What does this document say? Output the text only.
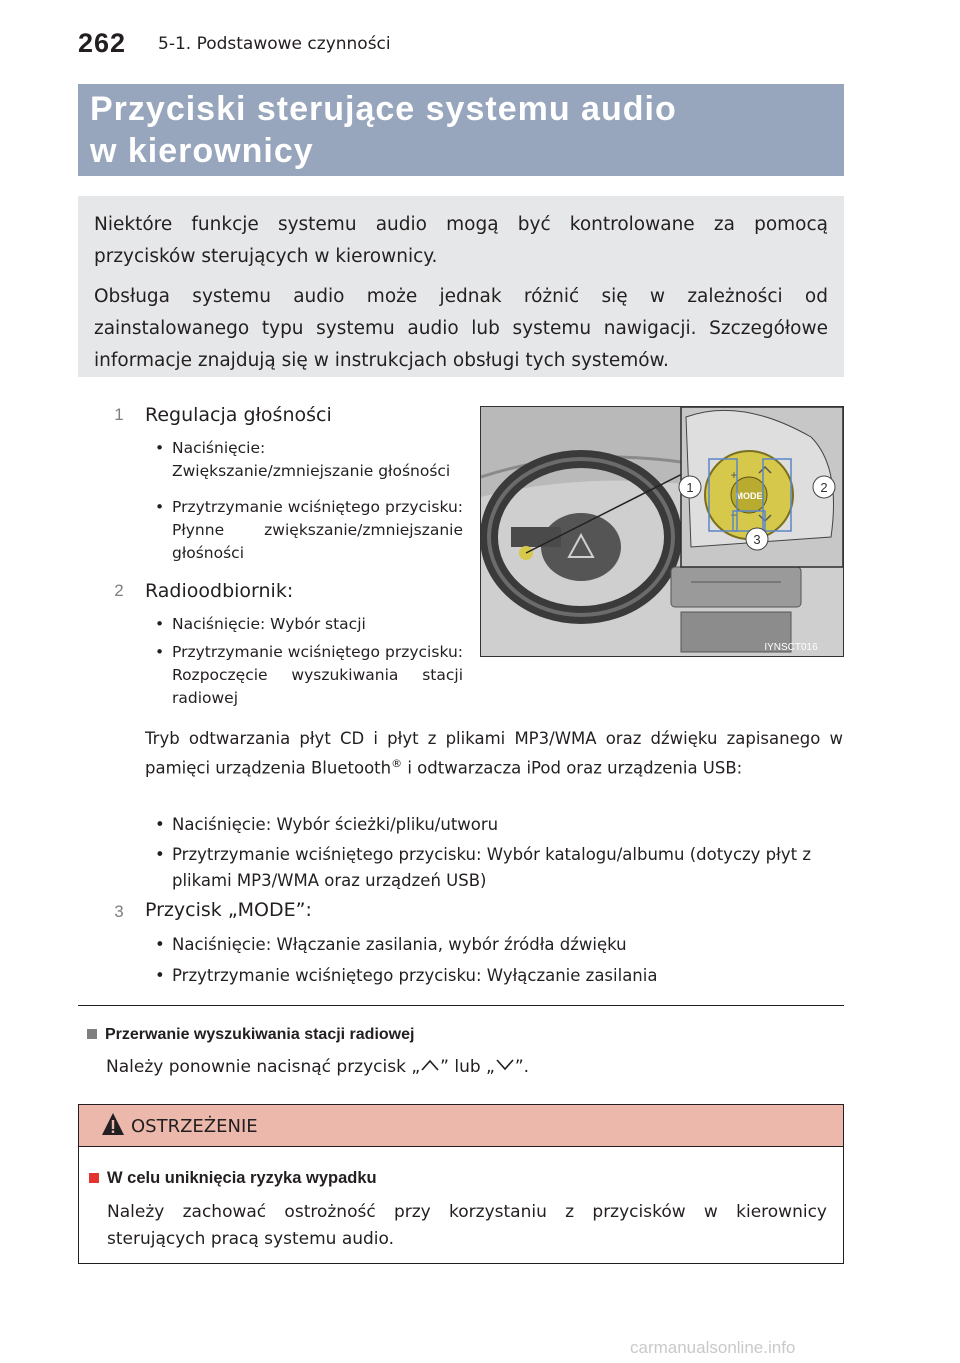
262 5-1. Podstawowe czynności
Przyciski sterujące systemu audio
w kierownicy

Niektóre funkcje systemu audio mogą być kontrolowane za pomocą przycisków sterujących w kierownicy.

Obsługa systemu audio może jednak różnić się w zależności od zainstalowanego typu systemu audio lub systemu nawigacji. Szczegółowe informacje znajdują się w instrukcjach obsługi tych systemów.

1	Regulacja głośności
• Naciśnięcie: Zwiększanie/zmniejszanie głośności
• Przytrzymanie wciśniętego przycisku: Płynne zwiększanie/zmniejszanie głośności
2	Radioodbiornik:
• Naciśnięcie: Wybór stacji
• Przytrzymanie wciśniętego przycisku: Rozpoczęcie wyszukiwania stacji radiowej
Tryb odtwarzania płyt CD i płyt z plikami MP3/WMA oraz dźwięku zapisanego w pamięci urządzenia Bluetooth® i odtwarzacza iPod oraz urządzenia USB:
• Naciśnięcie: Wybór ścieżki/pliku/utworu
• Przytrzymanie wciśniętego przycisku: Wybór katalogu/albumu (dotyczy płyt z plikami MP3/WMA oraz urządzeń USB)
3	Przycisk „MODE”:
• Naciśnięcie: Włączanie zasilania, wybór źródła dźwięku
• Przytrzymanie wciśniętego przycisku: Wyłączanie zasilania
MODE
+
−
1	2
3
IYNSCT016
Przerwanie wyszukiwania stacji radiowej
Należy ponownie nacisnąć przycisk „ ” lub „ ”.
OSTRZEŻENIE
W celu uniknięcia ryzyka wypadku
Należy zachować ostrożność przy korzystaniu z przycisków w kierownicy sterujących pracą systemu audio.
carmanualsonline.info
